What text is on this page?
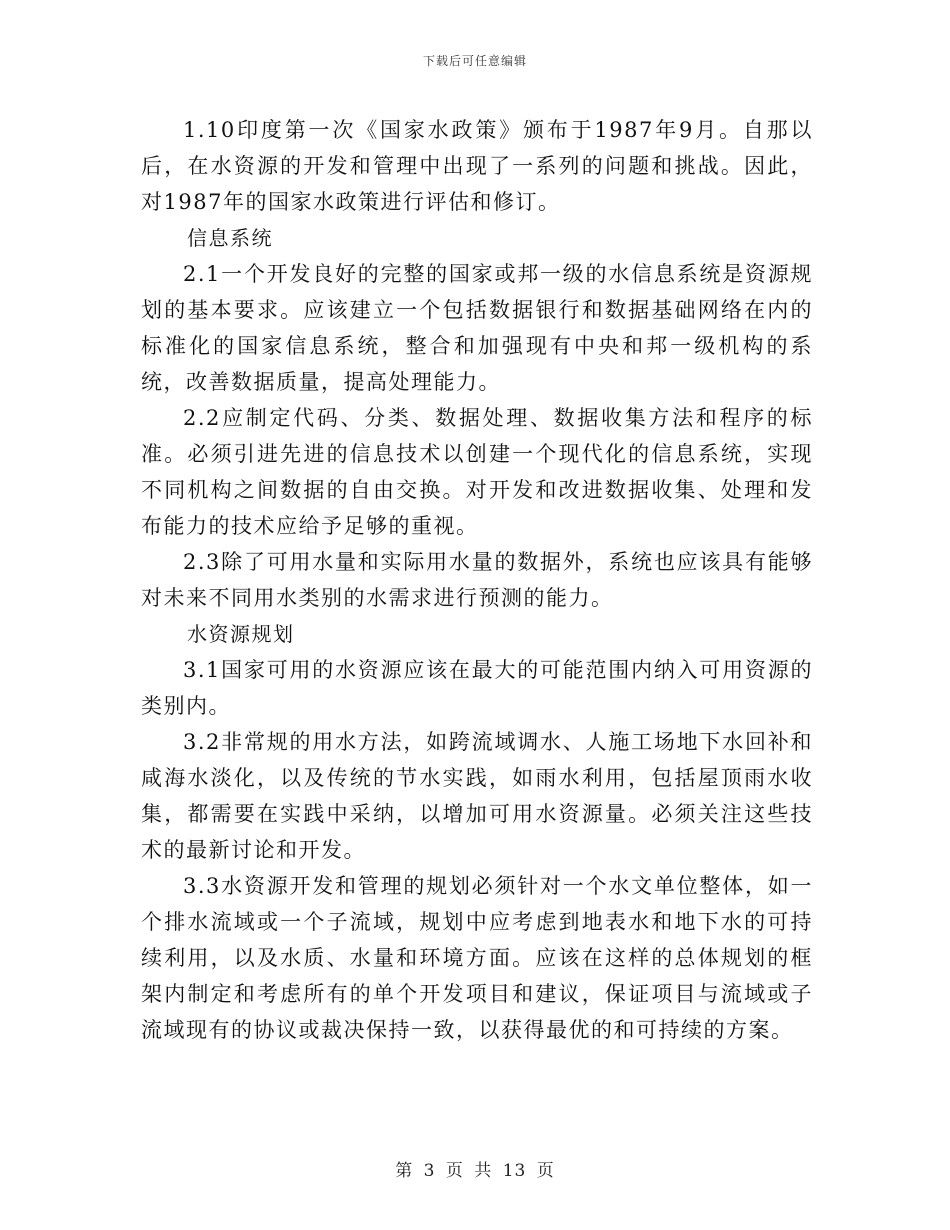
下载后可任意编辑

1.10印度第一次《国家水政策》颁布于1987年9月。自那以后，在水资源的开发和管理中出现了一系列的问题和挑战。因此，对1987年的国家水政策进行评估和修订。

信息系统

2.1一个开发良好的完整的国家或邦一级的水信息系统是资源规划的基本要求。应该建立一个包括数据银行和数据基础网络在内的标准化的国家信息系统，整合和加强现有中央和邦一级机构的系统，改善数据质量，提高处理能力。

2.2应制定代码、分类、数据处理、数据收集方法和程序的标准。必须引进先进的信息技术以创建一个现代化的信息系统，实现不同机构之间数据的自由交换。对开发和改进数据收集、处理和发布能力的技术应给予足够的重视。

2.3除了可用水量和实际用水量的数据外，系统也应该具有能够对未来不同用水类别的水需求进行预测的能力。

水资源规划

3.1国家可用的水资源应该在最大的可能范围内纳入可用资源的类别内。

3.2非常规的用水方法，如跨流域调水、人施工场地下水回补和咸海水淡化，以及传统的节水实践，如雨水利用，包括屋顶雨水收集，都需要在实践中采纳，以增加可用水资源量。必须关注这些技术的最新讨论和开发。

3.3水资源开发和管理的规划必须针对一个水文单位整体，如一个排水流域或一个子流域，规划中应考虑到地表水和地下水的可持续利用，以及水质、水量和环境方面。应该在这样的总体规划的框架内制定和考虑所有的单个开发项目和建议，保证项目与流域或子流域现有的协议或裁决保持一致，以获得最优的和可持续的方案。

第 3 页 共 13 页
